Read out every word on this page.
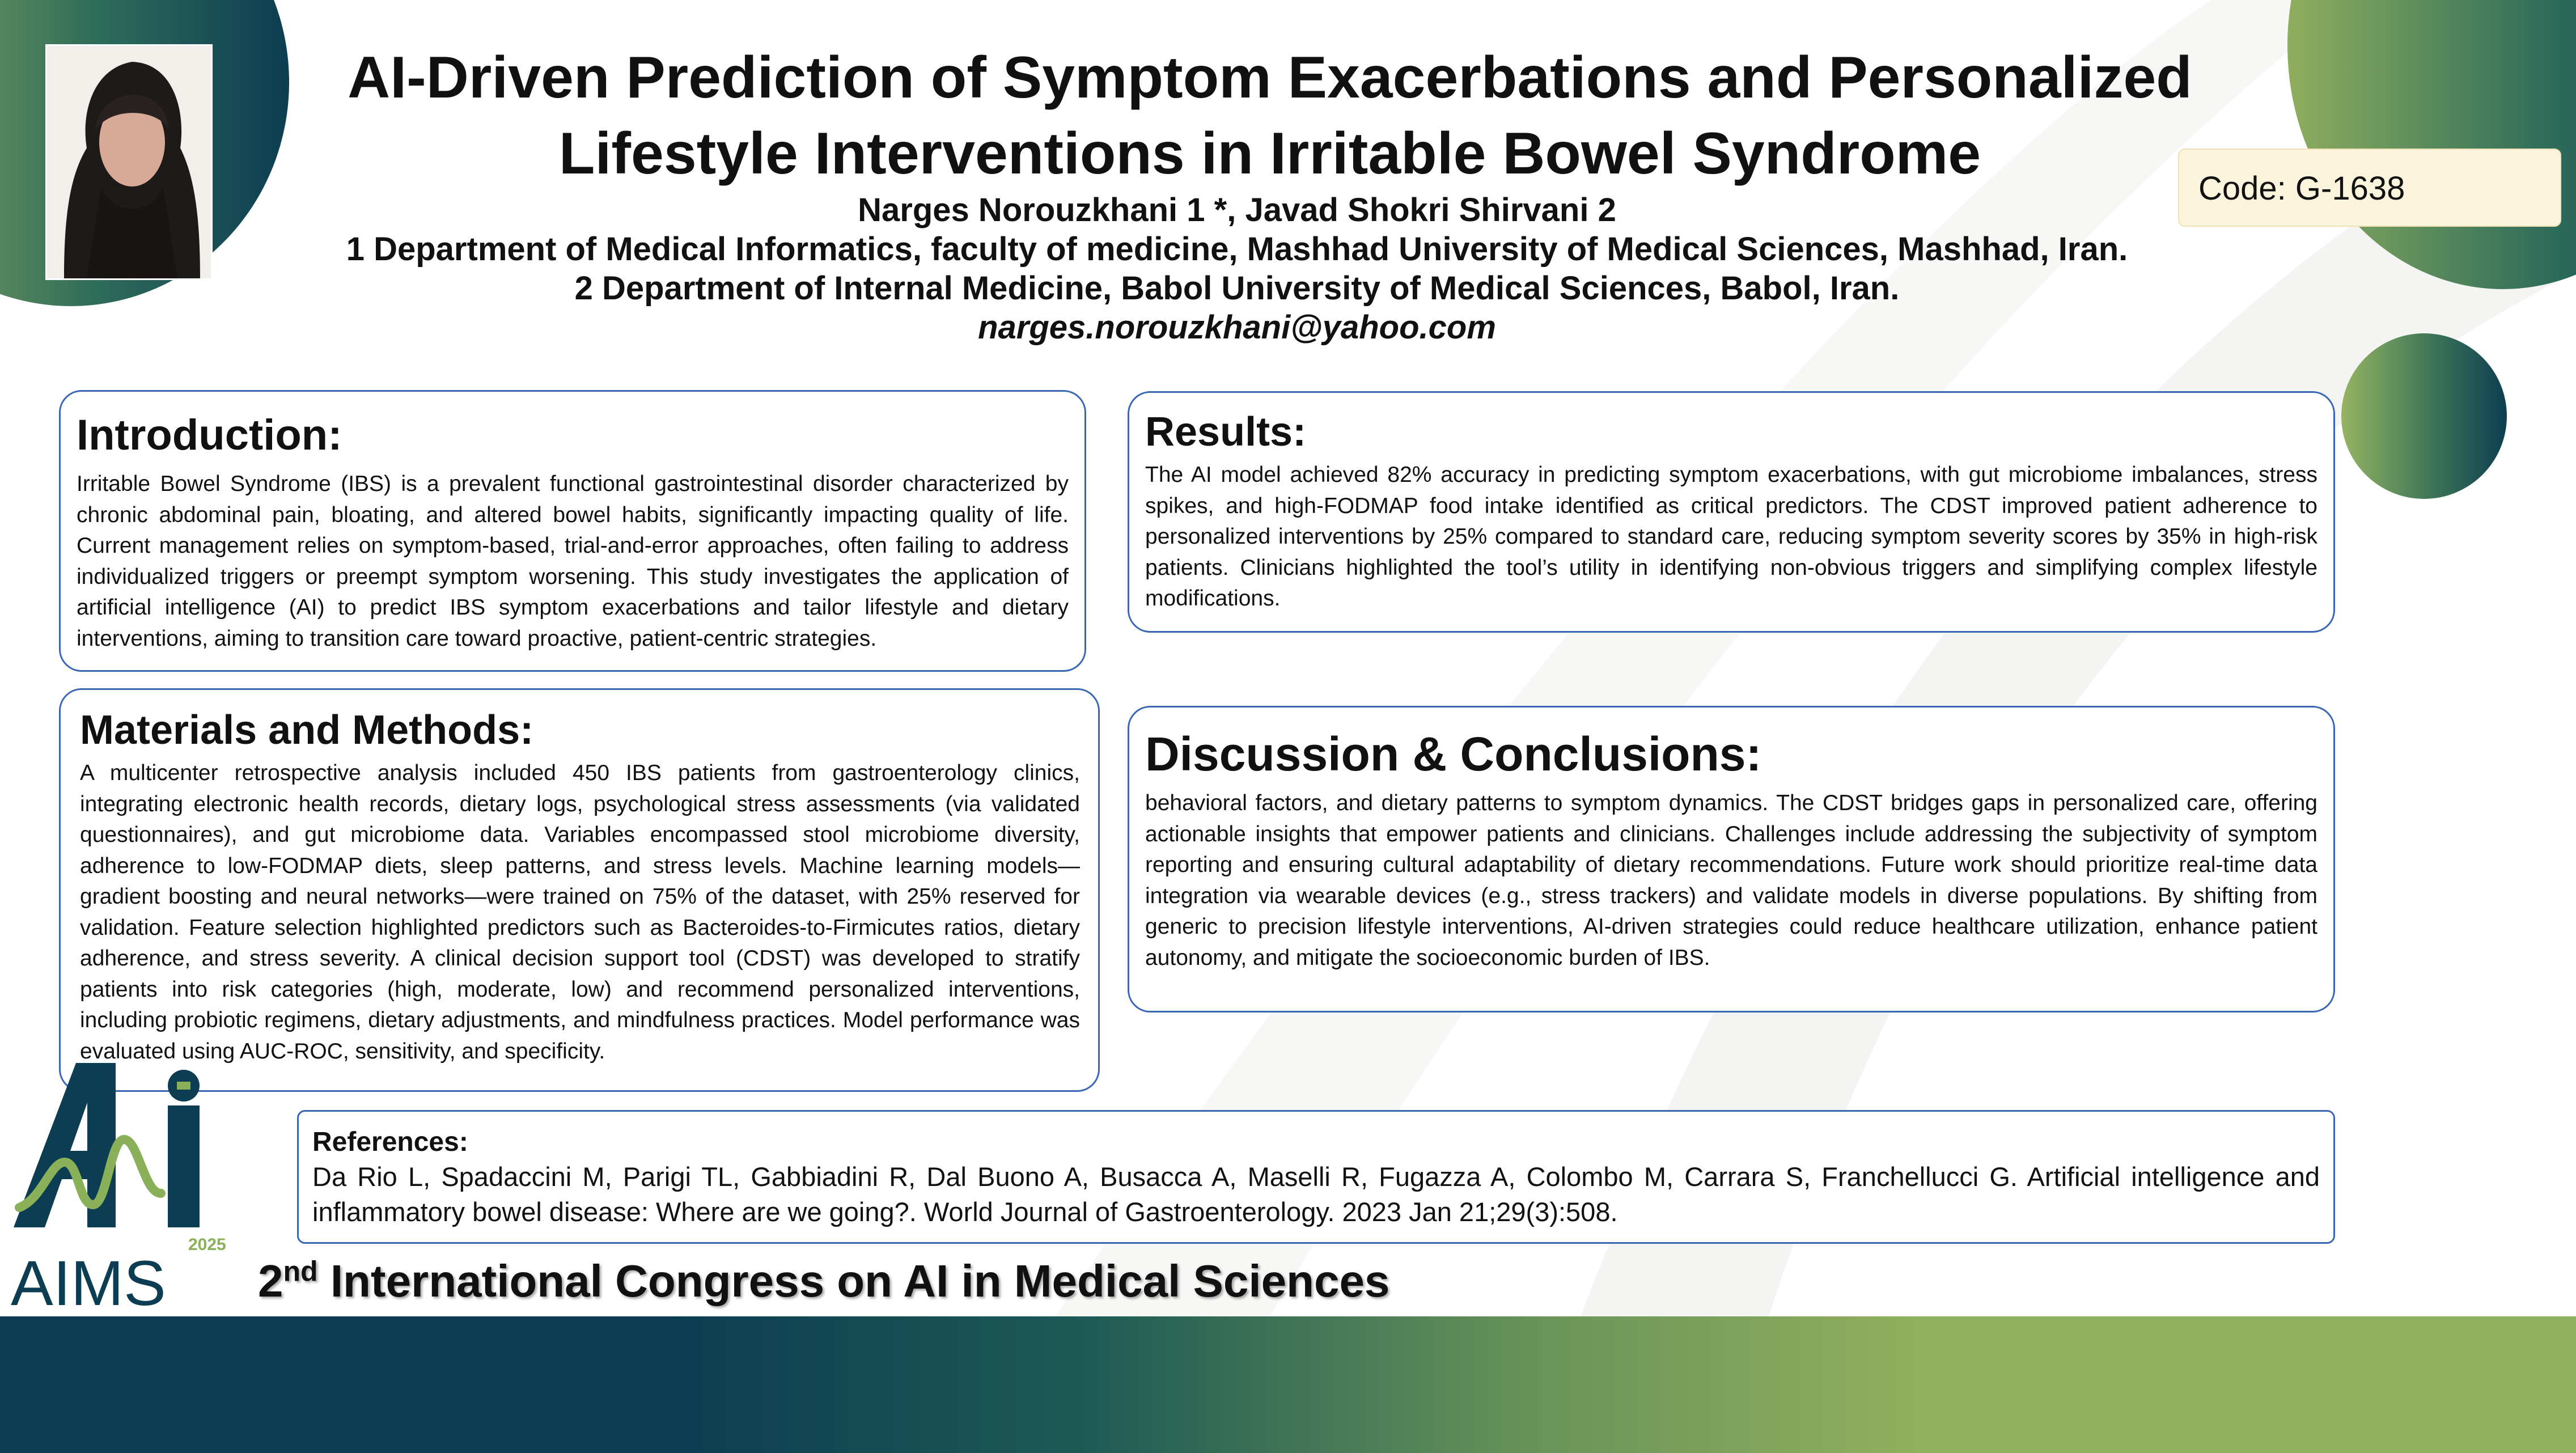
AI-Driven Prediction of Symptom Exacerbations and Personalized
Lifestyle Interventions in Irritable Bowel Syndrome
Narges Norouzkhani 1 *, Javad Shokri Shirvani 2
1 Department of Medical Informatics, faculty of medicine, Mashhad University of Medical Sciences, Mashhad, Iran.
2 Department of Internal Medicine, Babol University of Medical Sciences, Babol, Iran.
narges.norouzkhani@yahoo.com
Code: G-1638
Introduction:

Irritable Bowel Syndrome (IBS) is a prevalent functional gastrointestinal disorder characterized by chronic abdominal pain, bloating, and altered bowel habits, significantly impacting quality of life. Current management relies on symptom-based, trial-and-error approaches, often failing to address individualized triggers or preempt symptom worsening. This study investigates the application of artificial intelligence (AI) to predict IBS symptom exacerbations and tailor lifestyle and dietary interventions, aiming to transition care toward proactive, patient-centric strategies.

Materials and Methods:

A multicenter retrospective analysis included 450 IBS patients from gastroenterology clinics, integrating electronic health records, dietary logs, psychological stress assessments (via validated questionnaires), and gut microbiome data. Variables encompassed stool microbiome diversity, adherence to low-FODMAP diets, sleep patterns, and stress levels. Machine learning models—gradient boosting and neural networks—were trained on 75% of the dataset, with 25% reserved for validation. Feature selection highlighted predictors such as Bacteroides-to-Firmicutes ratios, dietary adherence, and stress severity. A clinical decision support tool (CDST) was developed to stratify patients into risk categories (high, moderate, low) and recommend personalized interventions, including probiotic regimens, dietary adjustments, and mindfulness practices. Model performance was evaluated using AUC-ROC, sensitivity, and specificity.

Results:

The AI model achieved 82% accuracy in predicting symptom exacerbations, with gut microbiome imbalances, stress spikes, and high-FODMAP food intake identified as critical predictors. The CDST improved patient adherence to personalized interventions by 25% compared to standard care, reducing symptom severity scores by 35% in high-risk patients. Clinicians highlighted the tool’s utility in identifying non-obvious triggers and simplifying complex lifestyle modifications.

Discussion & Conclusions:

behavioral factors, and dietary patterns to symptom dynamics. The CDST bridges gaps in personalized care, offering actionable insights that empower patients and clinicians. Challenges include addressing the subjectivity of symptom reporting and ensuring cultural adaptability of dietary recommendations. Future work should prioritize real-time data integration via wearable devices (e.g., stress trackers) and validate models in diverse populations. By shifting from generic to precision lifestyle interventions, AI-driven strategies could reduce healthcare utilization, enhance patient autonomy, and mitigate the socioeconomic burden of IBS.

References:

Da Rio L, Spadaccini M, Parigi TL, Gabbiadini R, Dal Buono A, Busacca A, Maselli R, Fugazza A, Colombo M, Carrara S, Franchellucci G. Artificial intelligence and inflammatory bowel disease: Where are we going?. World Journal of Gastroenterology. 2023 Jan 21;29(3):508.

2025
AIMS 2nd International Congress on AI in Medical Sciences
